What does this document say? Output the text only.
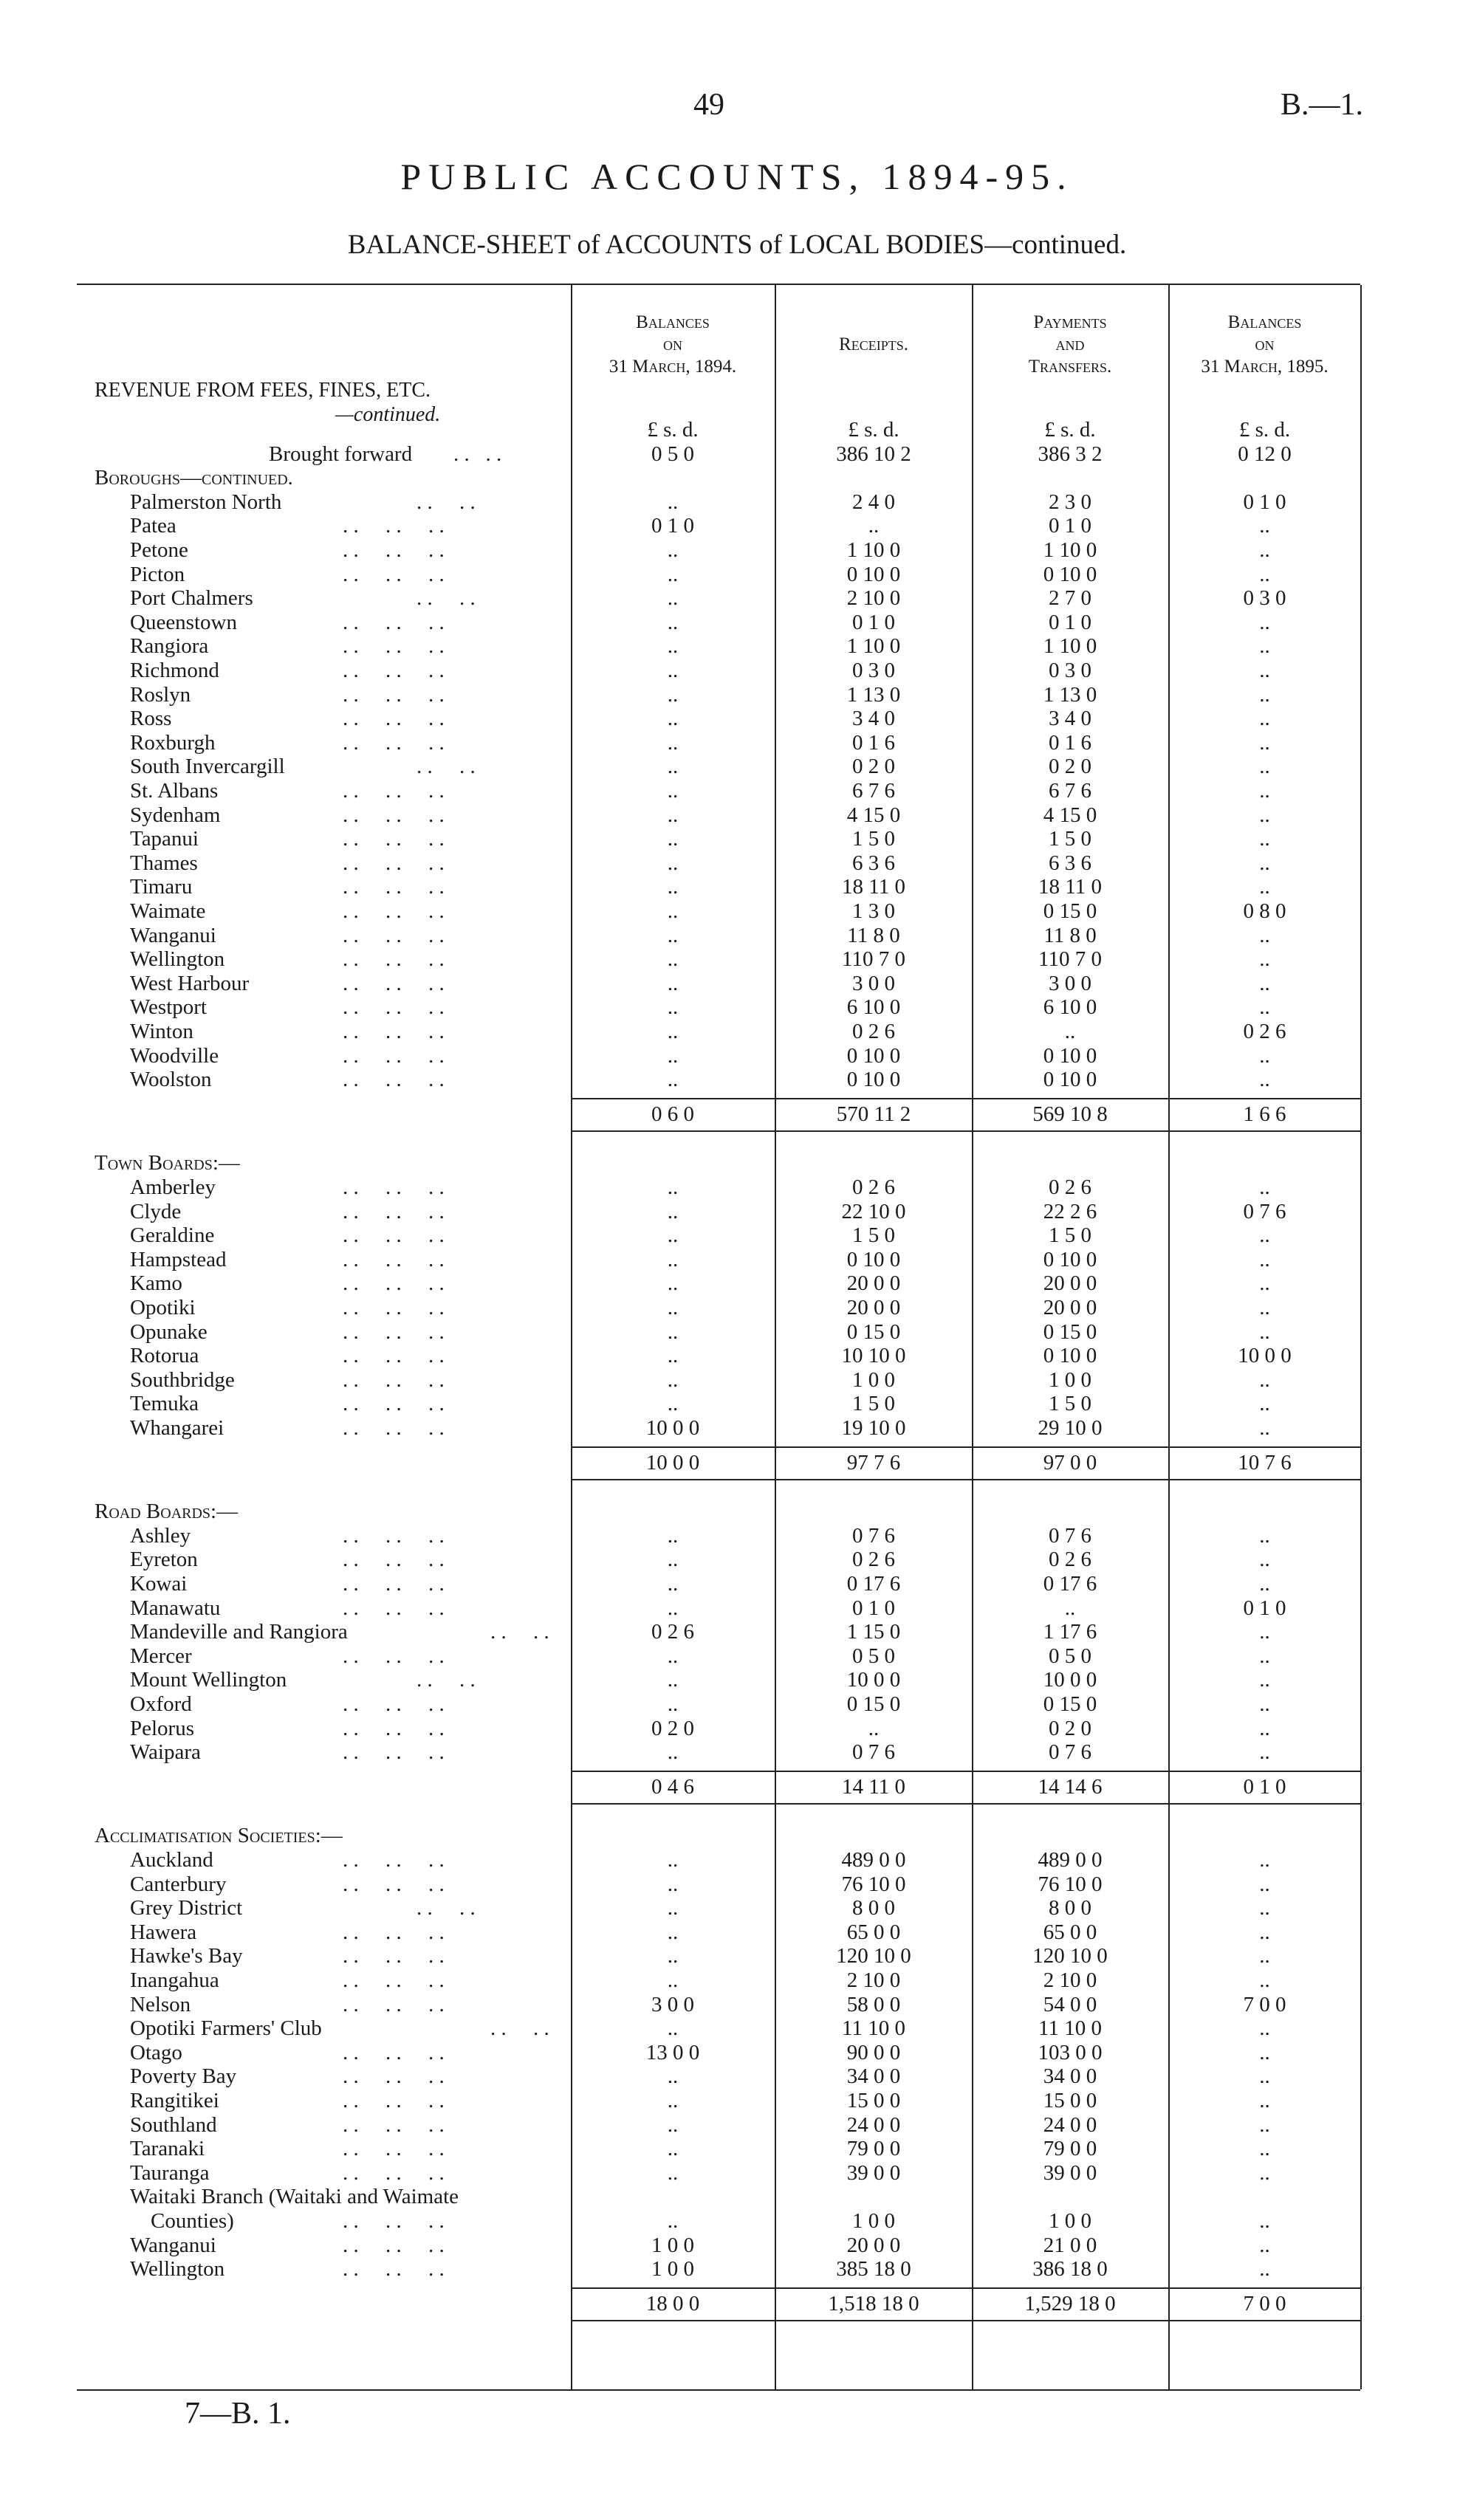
49	B.—1.
PUBLIC ACCOUNTS, 1894-95.
BALANCE-SHEET of ACCOUNTS of LOCAL BODIES—continued.
Balances
on
31 March, 1894.
Receipts.
Payments
and
Transfers.
Balances
on
31 March, 1895.
REVENUE FROM FEES, FINES, ETC.
—continued.
£ s. d.	£ s. d.	£ s. d.	£ s. d.
Brought forward . .   . .	0 5 0	386 10 2	386 3 2	0 12 0
Boroughs—continued.
Palmerston North	. .     . .	..	2 4 0	2 3 0	0 1 0
Patea	. .     . .     . .	0 1 0	..	0 1 0	..
Petone	. .     . .     . .	..	1 10 0	1 10 0	..
Picton	. .     . .     . .	..	0 10 0	0 10 0	..
Port Chalmers	. .     . .	..	2 10 0	2 7 0	0 3 0
Queenstown	. .     . .     . .	..	0 1 0	0 1 0	..
Rangiora	. .     . .     . .	..	1 10 0	1 10 0	..
Richmond	. .     . .     . .	..	0 3 0	0 3 0	..
Roslyn	. .     . .     . .	..	1 13 0	1 13 0	..
Ross	. .     . .     . .	..	3 4 0	3 4 0	..
Roxburgh	. .     . .     . .	..	0 1 6	0 1 6	..
South Invercargill	. .     . .	..	0 2 0	0 2 0	..
St. Albans	. .     . .     . .	..	6 7 6	6 7 6	..
Sydenham	. .     . .     . .	..	4 15 0	4 15 0	..
Tapanui	. .     . .     . .	..	1 5 0	1 5 0	..
Thames	. .     . .     . .	..	6 3 6	6 3 6	..
Timaru	. .     . .     . .	..	18 11 0	18 11 0	..
Waimate	. .     . .     . .	..	1 3 0	0 15 0	0 8 0
Wanganui	. .     . .     . .	..	11 8 0	11 8 0	..
Wellington	. .     . .     . .	..	110 7 0	110 7 0	..
West Harbour	. .     . .     . .	..	3 0 0	3 0 0	..
Westport	. .     . .     . .	..	6 10 0	6 10 0	..
Winton	. .     . .     . .	..	0 2 6	..	0 2 6
Woodville	. .     . .     . .	..	0 10 0	0 10 0	..
Woolston	. .     . .     . .	..	0 10 0	0 10 0	..
0 6 0	570 11 2	569 10 8	1 6 6
Town Boards:—
Amberley	. .     . .     . .	..	0 2 6	0 2 6	..
Clyde	. .     . .     . .	..	22 10 0	22 2 6	0 7 6
Geraldine	. .     . .     . .	..	1 5 0	1 5 0	..
Hampstead	. .     . .     . .	..	0 10 0	0 10 0	..
Kamo	. .     . .     . .	..	20 0 0	20 0 0	..
Opotiki	. .     . .     . .	..	20 0 0	20 0 0	..
Opunake	. .     . .     . .	..	0 15 0	0 15 0	..
Rotorua	. .     . .     . .	..	10 10 0	0 10 0	10 0 0
Southbridge	. .     . .     . .	..	1 0 0	1 0 0	..
Temuka	. .     . .     . .	..	1 5 0	1 5 0	..
Whangarei	. .     . .     . .	10 0 0	19 10 0	29 10 0	..
10 0 0	97 7 6	97 0 0	10 7 6
Road Boards:—
Ashley	. .     . .     . .	..	0 7 6	0 7 6	..
Eyreton	. .     . .     . .	..	0 2 6	0 2 6	..
Kowai	. .     . .     . .	..	0 17 6	0 17 6	..
Manawatu	. .     . .     . .	..	0 1 0	..	0 1 0
Mandeville and Rangiora	. .     . .	0 2 6	1 15 0	1 17 6	..
Mercer	. .     . .     . .	..	0 5 0	0 5 0	..
Mount Wellington	. .     . .	..	10 0 0	10 0 0	..
Oxford	. .     . .     . .	..	0 15 0	0 15 0	..
Pelorus	. .     . .     . .	0 2 0	..	0 2 0	..
Waipara	. .     . .     . .	..	0 7 6	0 7 6	..
0 4 6	14 11 0	14 14 6	0 1 0
Acclimatisation Societies:—
Auckland	. .     . .     . .	..	489 0 0	489 0 0	..
Canterbury	. .     . .     . .	..	76 10 0	76 10 0	..
Grey District	. .     . .	..	8 0 0	8 0 0	..
Hawera	. .     . .     . .	..	65 0 0	65 0 0	..
Hawke's Bay	. .     . .     . .	..	120 10 0	120 10 0	..
Inangahua	. .     . .     . .	..	2 10 0	2 10 0	..
Nelson	. .     . .     . .	3 0 0	58 0 0	54 0 0	7 0 0
Opotiki Farmers' Club	. .     . .	..	11 10 0	11 10 0	..
Otago	. .     . .     . .	13 0 0	90 0 0	103 0 0	..
Poverty Bay	. .     . .     . .	..	34 0 0	34 0 0	..
Rangitikei	. .     . .     . .	..	15 0 0	15 0 0	..
Southland	. .     . .     . .	..	24 0 0	24 0 0	..
Taranaki	. .     . .     . .	..	79 0 0	79 0 0	..
Tauranga	. .     . .     . .	..	39 0 0	39 0 0	..
Waitaki Branch (Waitaki and Waimate
Counties)	. .     . .     . .	..	1 0 0	1 0 0	..
Wanganui	. .     . .     . .	1 0 0	20 0 0	21 0 0	..
Wellington	. .     . .     . .	1 0 0	385 18 0	386 18 0	..
18 0 0	1,518 18 0	1,529 18 0	7 0 0
7—B. 1.
